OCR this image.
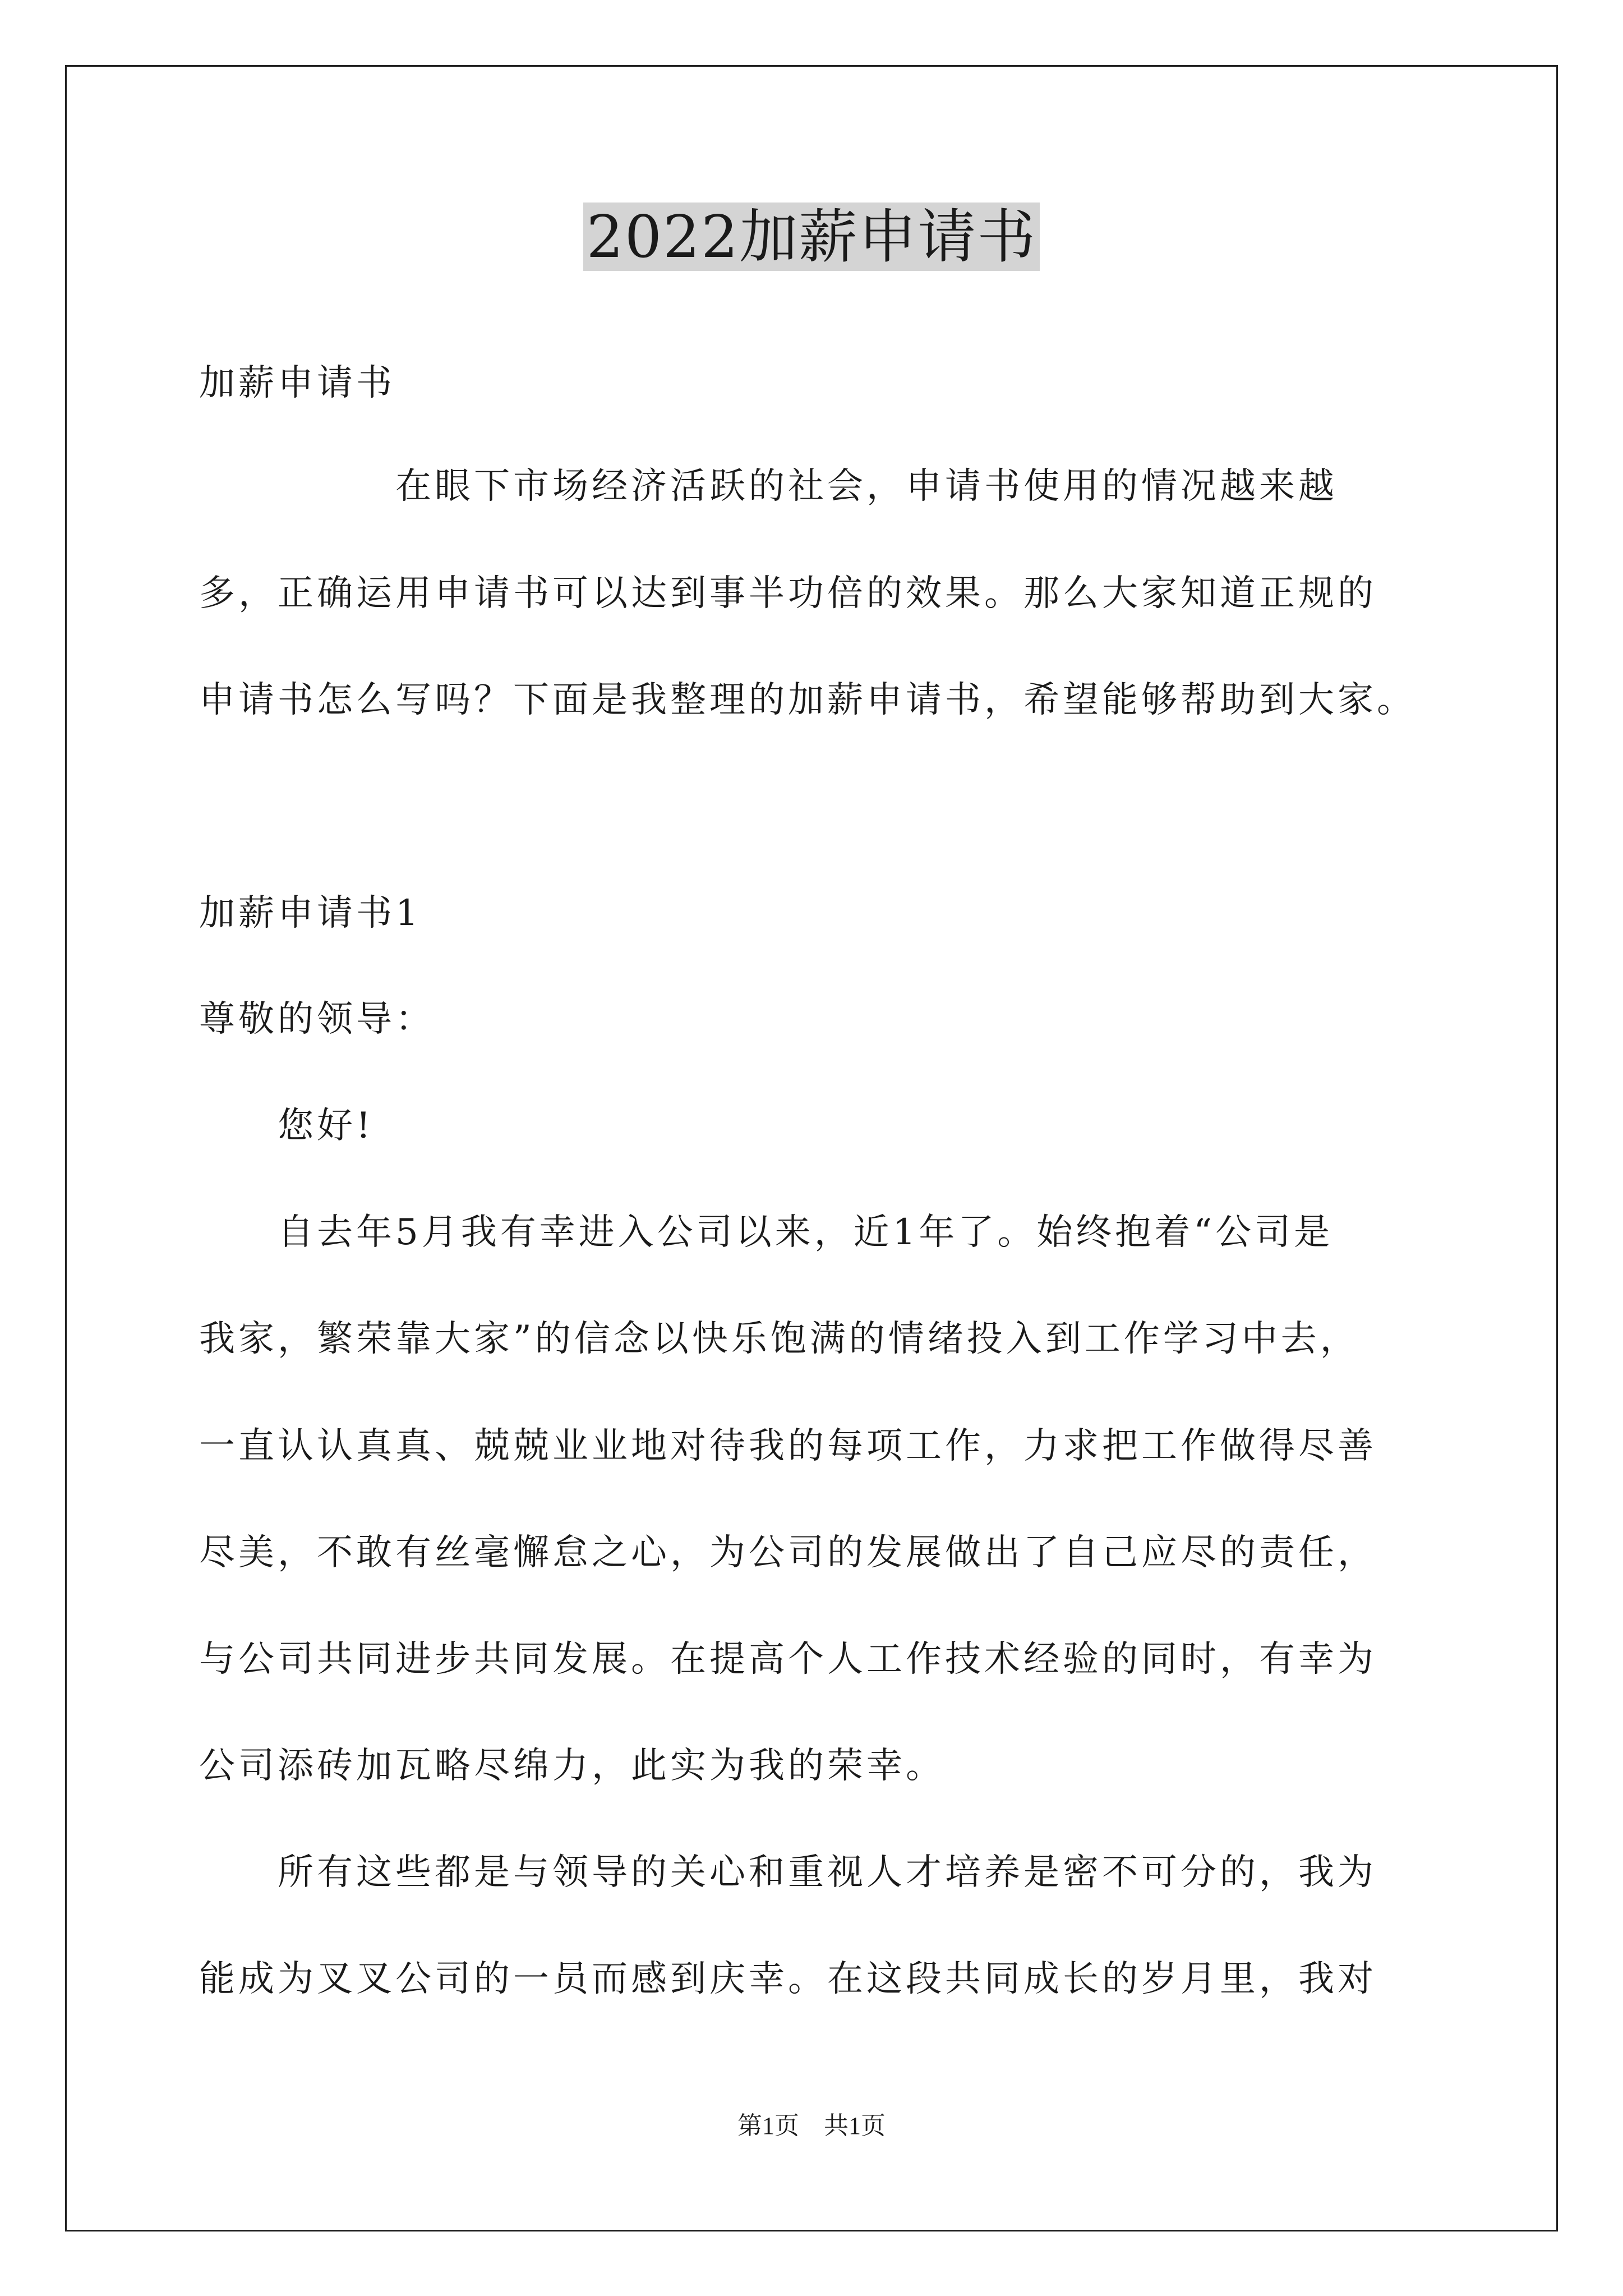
2022加薪申请书
加薪申请书
　　　　　在眼下市场经济活跃的社会，申请书使用的情况越来越
多，正确运用申请书可以达到事半功倍的效果。那么大家知道正规的
申请书怎么写吗？下面是我整理的加薪申请书，希望能够帮助到大家。
加薪申请书1
尊敬的领导：
　　您好!
　　自去年5月我有幸进入公司以来，近1年了。始终抱着“公司是
我家，繁荣靠大家”的信念以快乐饱满的情绪投入到工作学习中去，
一直认认真真、兢兢业业地对待我的每项工作，力求把工作做得尽善
尽美，不敢有丝毫懈怠之心，为公司的发展做出了自己应尽的责任，
与公司共同进步共同发展。在提高个人工作技术经验的同时，有幸为
公司添砖加瓦略尽绵力，此实为我的荣幸。
　　所有这些都是与领导的关心和重视人才培养是密不可分的，我为
能成为叉叉公司的一员而感到庆幸。在这段共同成长的岁月里，我对
第1页　共1页
